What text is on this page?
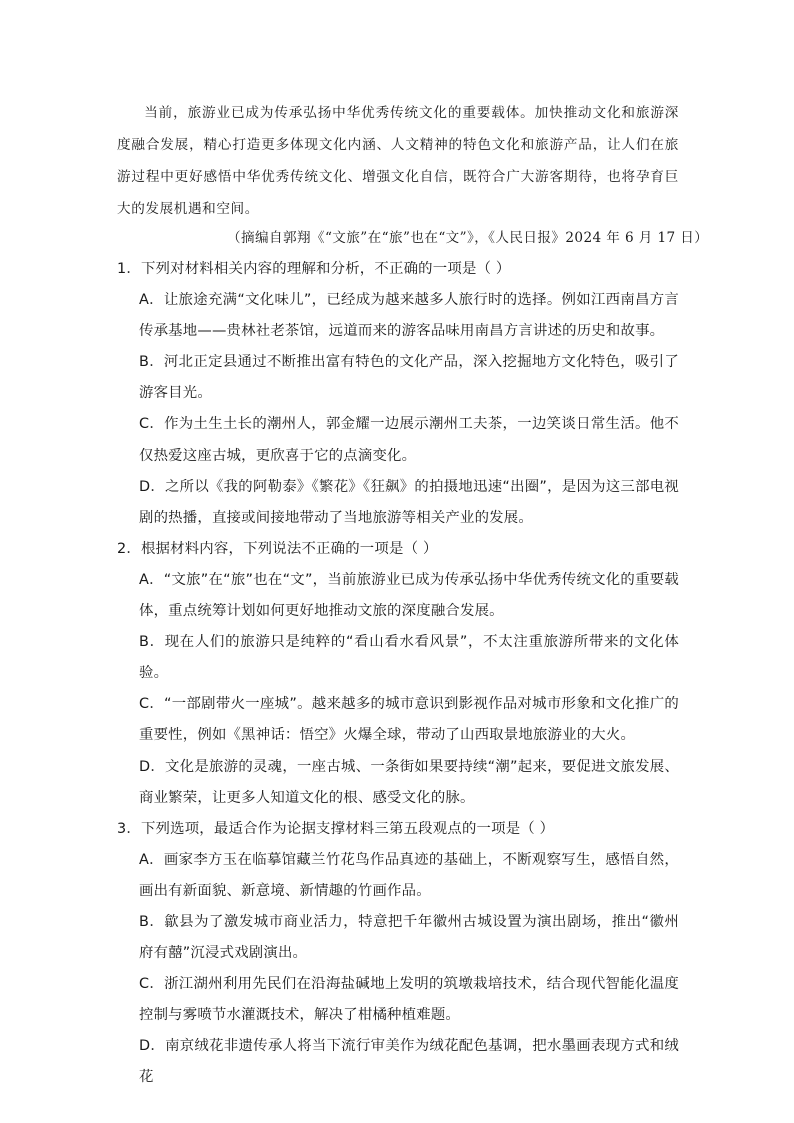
当前，旅游业已成为传承弘扬中华优秀传统文化的重要载体。加快推动文化和旅游深度融合发展，精心打造更多体现文化内涵、人文精神的特色文化和旅游产品，让人们在旅游过程中更好感悟中华优秀传统文化、增强文化自信，既符合广大游客期待，也将孕育巨大的发展机遇和空间。

（摘编自郭翔《“文旅”在“旅”也在“文”》，《人民日报》2024 年 6 月 17 日）

1．下列对材料相关内容的理解和分析，不正确的一项是（ ）

A．让旅途充满“文化味儿”，已经成为越来越多人旅行时的选择。例如江西南昌方言传承基地——贵林社老茶馆，远道而来的游客品味用南昌方言讲述的历史和故事。

B．河北正定县通过不断推出富有特色的文化产品，深入挖掘地方文化特色，吸引了游客目光。

C．作为土生土长的潮州人，郭金耀一边展示潮州工夫茶，一边笑谈日常生活。他不仅热爱这座古城，更欣喜于它的点滴变化。

D．之所以《我的阿勒泰》《繁花》《狂飙》的拍摄地迅速“出圈”，是因为这三部电视剧的热播，直接或间接地带动了当地旅游等相关产业的发展。

2．根据材料内容，下列说法不正确的一项是（ ）

A．“文旅”在“旅”也在“文”，当前旅游业已成为传承弘扬中华优秀传统文化的重要载体，重点统筹计划如何更好地推动文旅的深度融合发展。

B．现在人们的旅游只是纯粹的“看山看水看风景”，不太注重旅游所带来的文化体验。

C．“一部剧带火一座城”。越来越多的城市意识到影视作品对城市形象和文化推广的重要性，例如《黑神话：悟空》火爆全球，带动了山西取景地旅游业的大火。

D．文化是旅游的灵魂，一座古城、一条街如果要持续“潮”起来，要促进文旅发展、商业繁荣，让更多人知道文化的根、感受文化的脉。

3．下列选项，最适合作为论据支撑材料三第五段观点的一项是（ ）

A．画家李方玉在临摹馆藏兰竹花鸟作品真迹的基础上，不断观察写生，感悟自然，画出有新面貌、新意境、新情趣的竹画作品。

B．歙县为了激发城市商业活力，特意把千年徽州古城设置为演出剧场，推出“徽州府有囍”沉浸式戏剧演出。

C．浙江湖州利用先民们在沿海盐碱地上发明的筑墩栽培技术，结合现代智能化温度控制与雾喷节水灌溉技术，解决了柑橘种植难题。

D．南京绒花非遗传承人将当下流行审美作为绒花配色基调，把水墨画表现方式和绒花
